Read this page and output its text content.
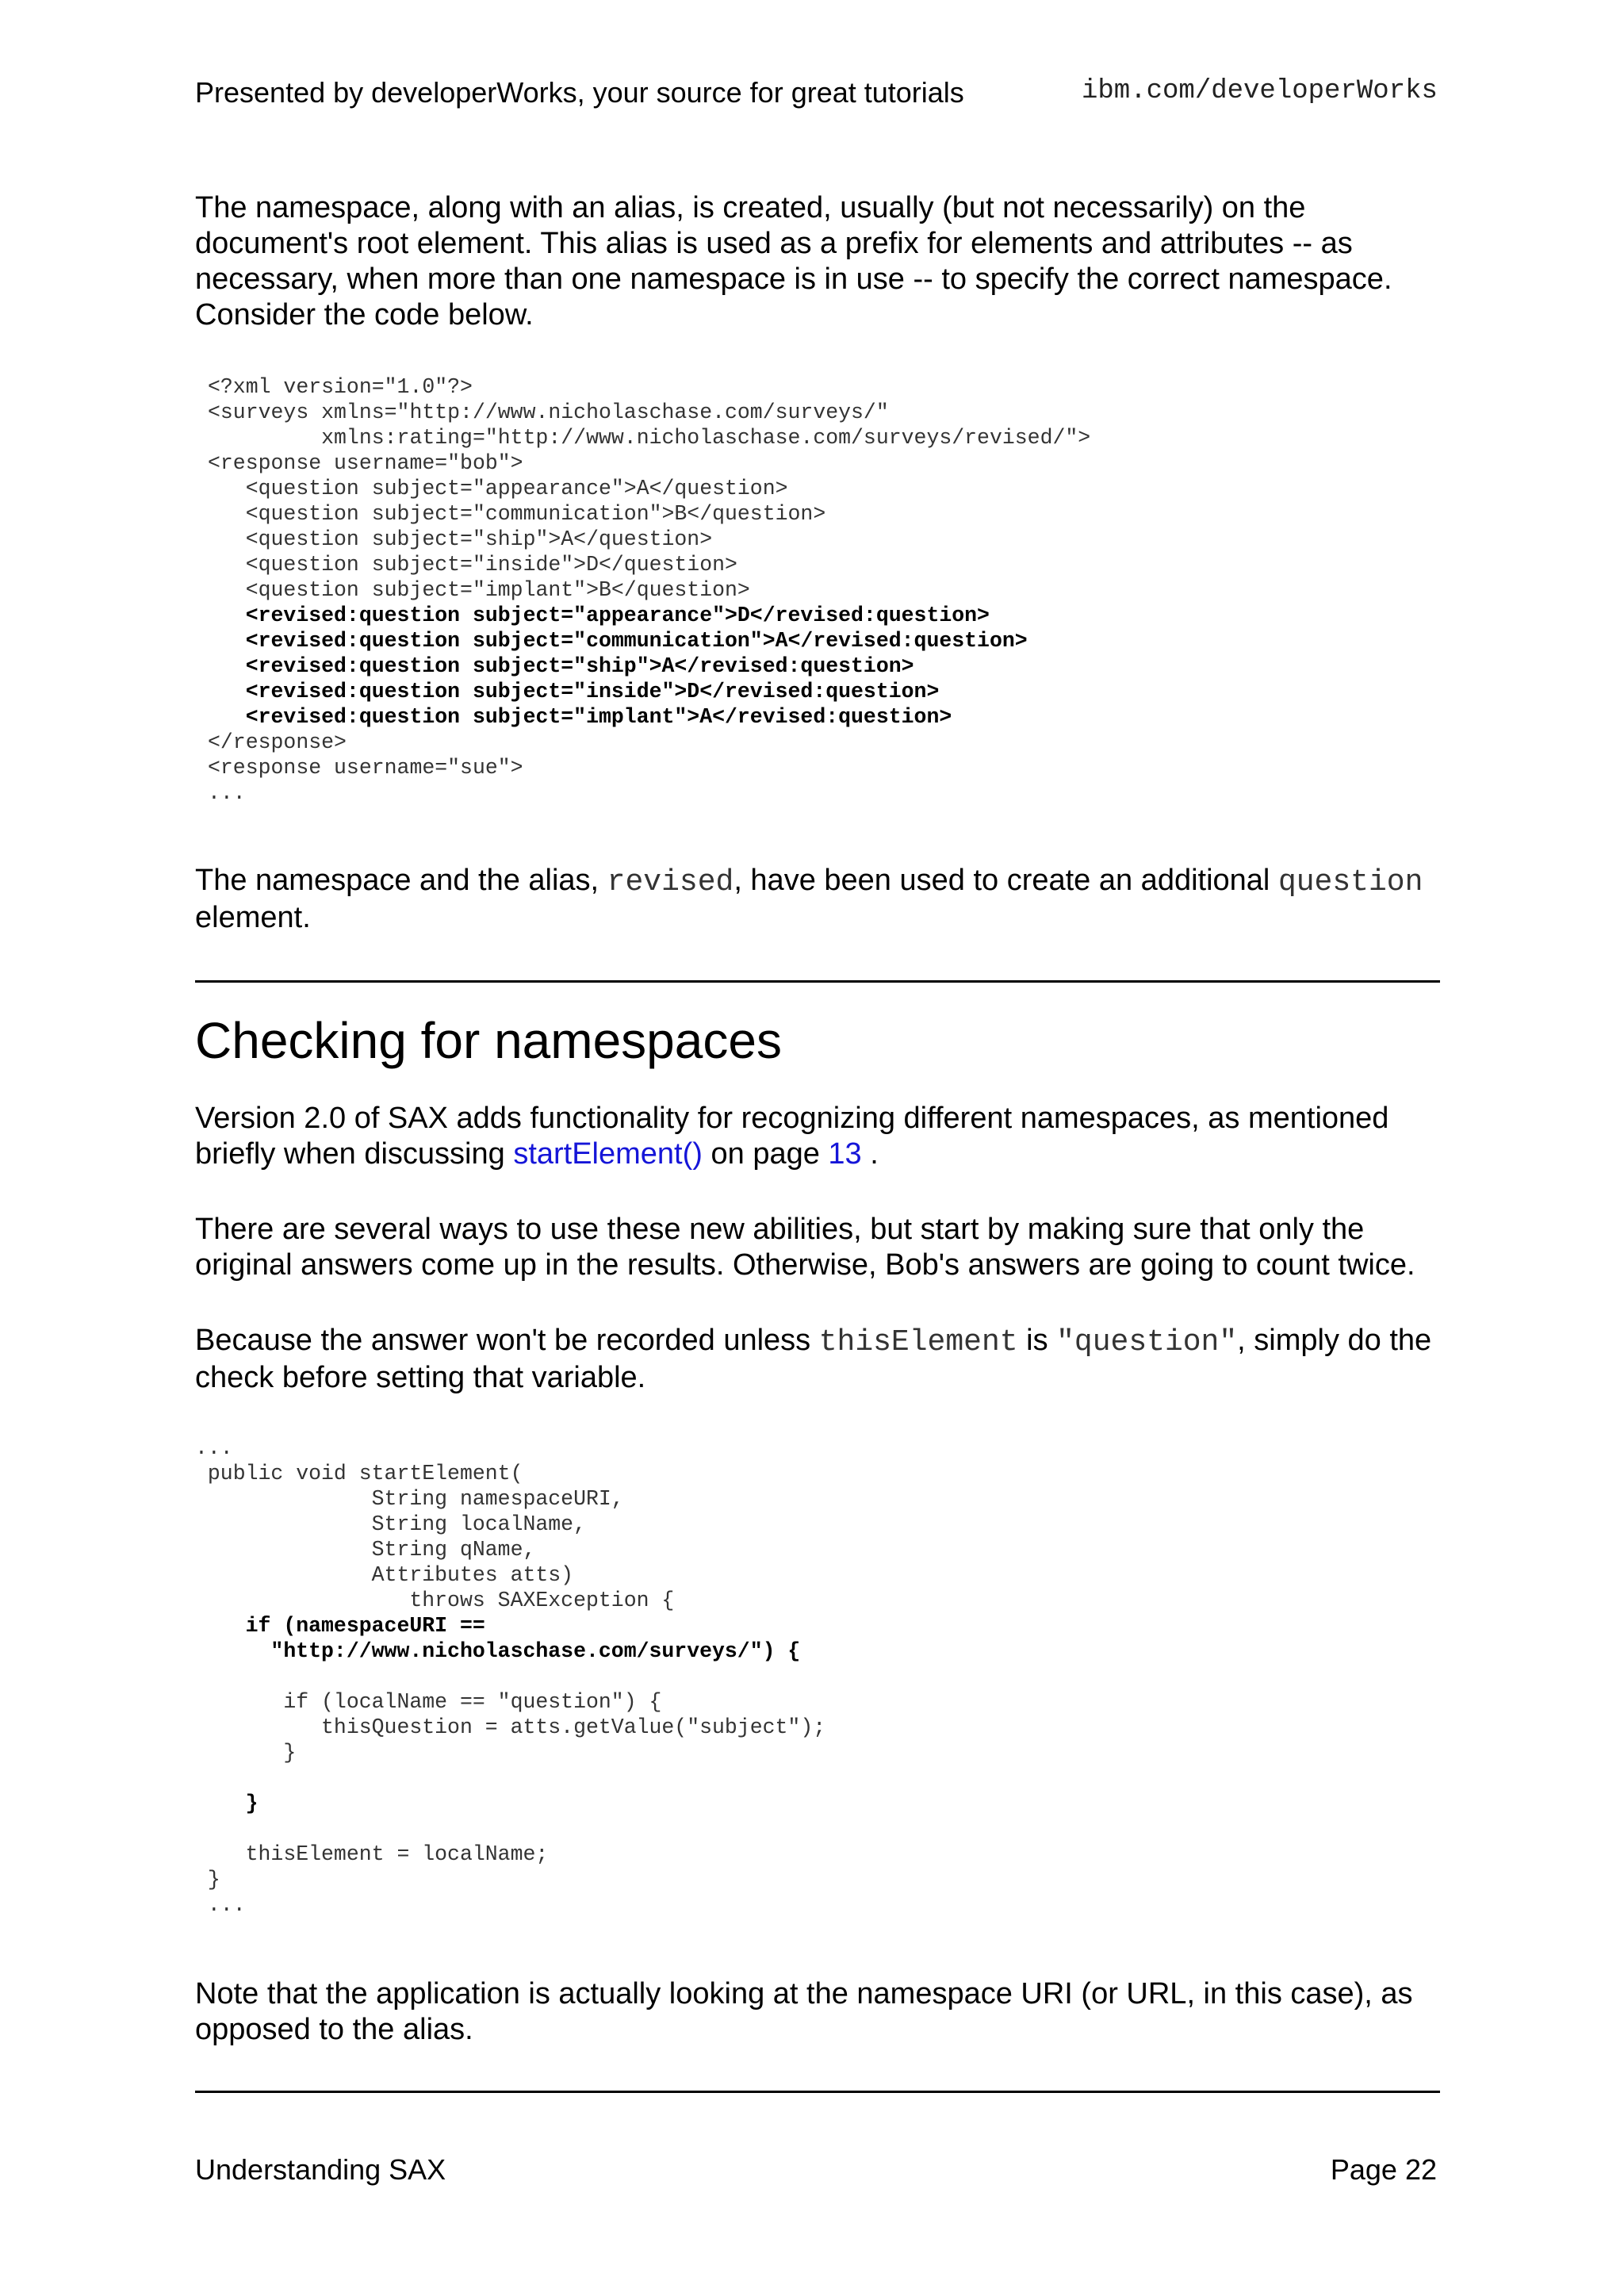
Presented by developerWorks, your source for great tutorials	ibm.com/developerWorks
The namespace, along with an alias, is created, usually (but not necessarily) on the document's root element. This alias is used as a prefix for elements and attributes -- as necessary, when more than one namespace is in use -- to specify the correct namespace. Consider the code below.
<?xml version="1.0"?>
<surveys xmlns="http://www.nicholaschase.com/surveys/"
xmlns:rating="http://www.nicholaschase.com/surveys/revised/">
<response username="bob">
<question subject="appearance">A</question>
<question subject="communication">B</question>
<question subject="ship">A</question>
<question subject="inside">D</question>
<question subject="implant">B</question>
<revised:question subject="appearance">D</revised:question>
<revised:question subject="communication">A</revised:question>
<revised:question subject="ship">A</revised:question>
<revised:question subject="inside">D</revised:question>
<revised:question subject="implant">A</revised:question>
</response>
<response username="sue">
...
The namespace and the alias, revised, have been used to create an additional question element.
Checking for namespaces
Version 2.0 of SAX adds functionality for recognizing different namespaces, as mentioned briefly when discussing startElement() on page 13 .
There are several ways to use these new abilities, but start by making sure that only the original answers come up in the results. Otherwise, Bob's answers are going to count twice.
Because the answer won't be recorded unless thisElement is "question", simply do the check before setting that variable.
...
public void startElement(
String namespaceURI,
String localName,
String qName,
Attributes atts)
throws SAXException {
if (namespaceURI ==
"http://www.nicholaschase.com/surveys/") {

if (localName == "question") {
thisQuestion = atts.getValue("subject");
}

}

thisElement = localName;
}
...
Note that the application is actually looking at the namespace URI (or URL, in this case), as opposed to the alias.
Understanding SAX	Page 22
